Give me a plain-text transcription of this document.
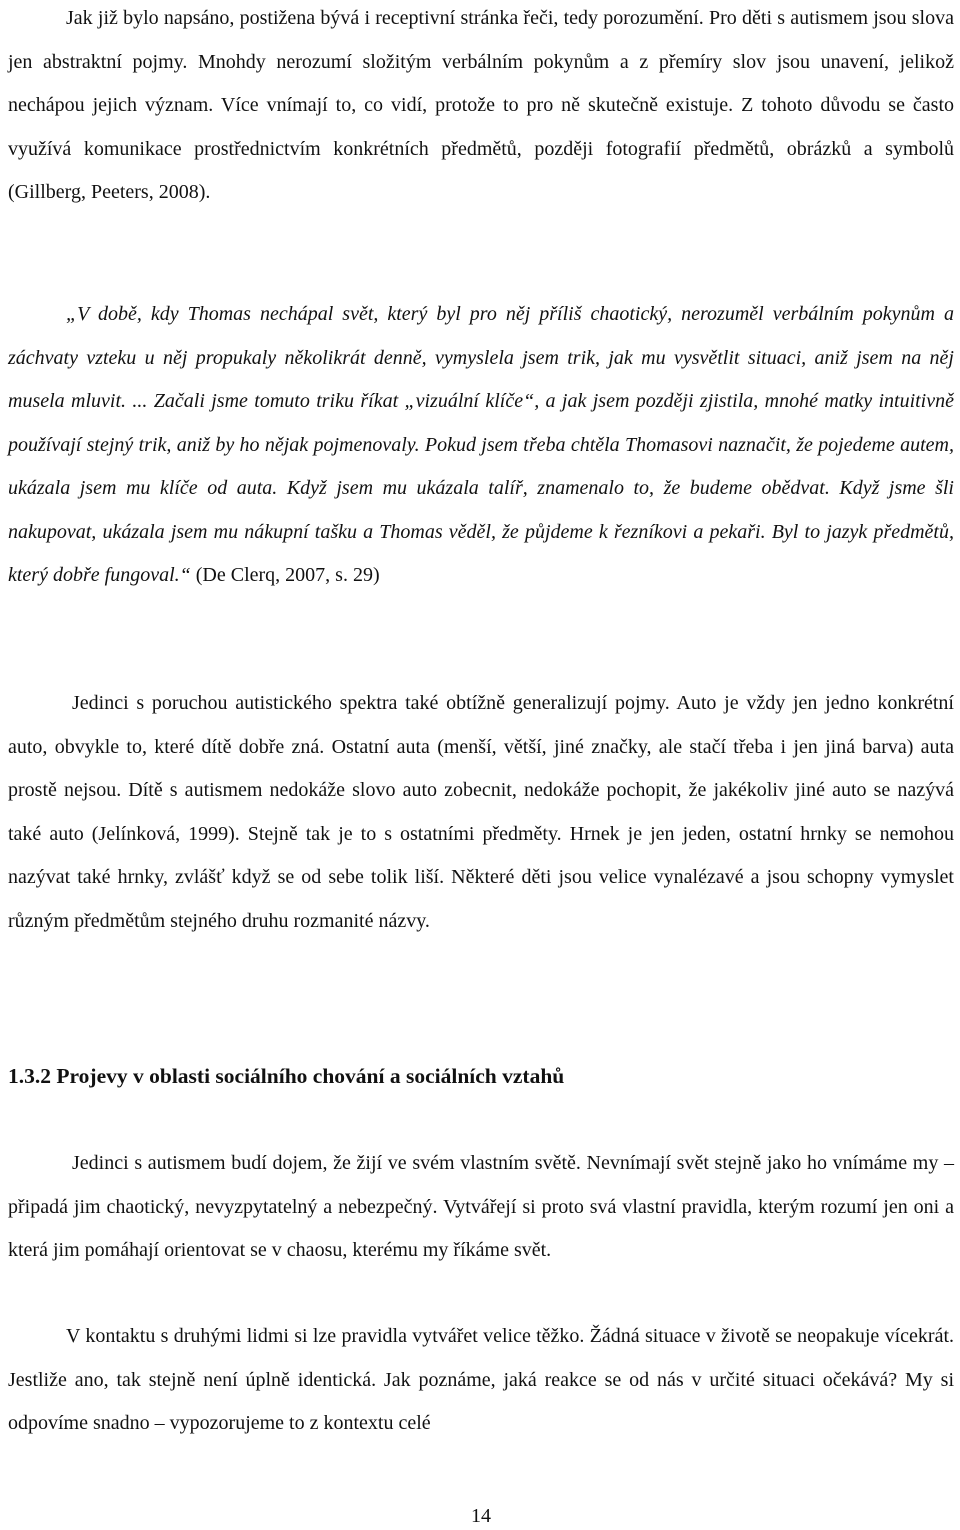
Jak již bylo napsáno, postižena bývá i receptivní stránka řeči, tedy porozumění. Pro děti s autismem jsou slova jen abstraktní pojmy. Mnohdy nerozumí složitým verbálním pokynům a z přemíry slov jsou unavení, jelikož nechápou jejich význam. Více vnímají to, co vidí, protože to pro ně skutečně existuje. Z tohoto důvodu se často využívá komunikace prostřednictvím konkrétních předmětů, později fotografií předmětů, obrázků a symbolů (Gillberg, Peeters, 2008).

„V době, kdy Thomas nechápal svět, který byl pro něj příliš chaotický, nerozuměl verbálním pokynům a záchvaty vzteku u něj propukaly několikrát denně, vymyslela jsem trik, jak mu vysvětlit situaci, aniž jsem na něj musela mluvit. ... Začali jsme tomuto triku říkat „vizuální klíče“, a jak jsem později zjistila, mnohé matky intuitivně používají stejný trik, aniž by ho nějak pojmenovaly. Pokud jsem třeba chtěla Thomasovi naznačit, že pojedeme autem, ukázala jsem mu klíče od auta. Když jsem mu ukázala talíř, znamenalo to, že budeme obědvat. Když jsme šli nakupovat, ukázala jsem mu nákupní tašku a Thomas věděl, že půjdeme k řezníkovi a pekaři. Byl to jazyk předmětů, který dobře fungoval.“ (De Clerq, 2007, s. 29)

Jedinci s poruchou autistického spektra také obtížně generalizují pojmy. Auto je vždy jen jedno konkrétní auto, obvykle to, které dítě dobře zná. Ostatní auta (menší, větší, jiné značky, ale stačí třeba i jen jiná barva) auta prostě nejsou. Dítě s autismem nedokáže slovo auto zobecnit, nedokáže pochopit, že jakékoliv jiné auto se nazývá také auto (Jelínková, 1999). Stejně tak je to s ostatními předměty. Hrnek je jen jeden, ostatní hrnky se nemohou nazývat také hrnky, zvlášť když se od sebe tolik liší. Některé děti jsou velice vynalézavé a jsou schopny vymyslet různým předmětům stejného druhu rozmanité názvy.

1.3.2 Projevy v oblasti sociálního chování a sociálních vztahů

Jedinci s autismem budí dojem, že žijí ve svém vlastním světě. Nevnímají svět stejně jako ho vnímáme my – připadá jim chaotický, nevyzpytatelný a nebezpečný. Vytvářejí si proto svá vlastní pravidla, kterým rozumí jen oni a která jim pomáhají orientovat se v chaosu, kterému my říkáme svět.

V kontaktu s druhými lidmi si lze pravidla vytvářet velice těžko. Žádná situace v životě se neopakuje vícekrát. Jestliže ano, tak stejně není úplně identická. Jak poznáme, jaká reakce se od nás v určité situaci očekává? My si odpovíme snadno – vypozorujeme to z kontextu celé

14
